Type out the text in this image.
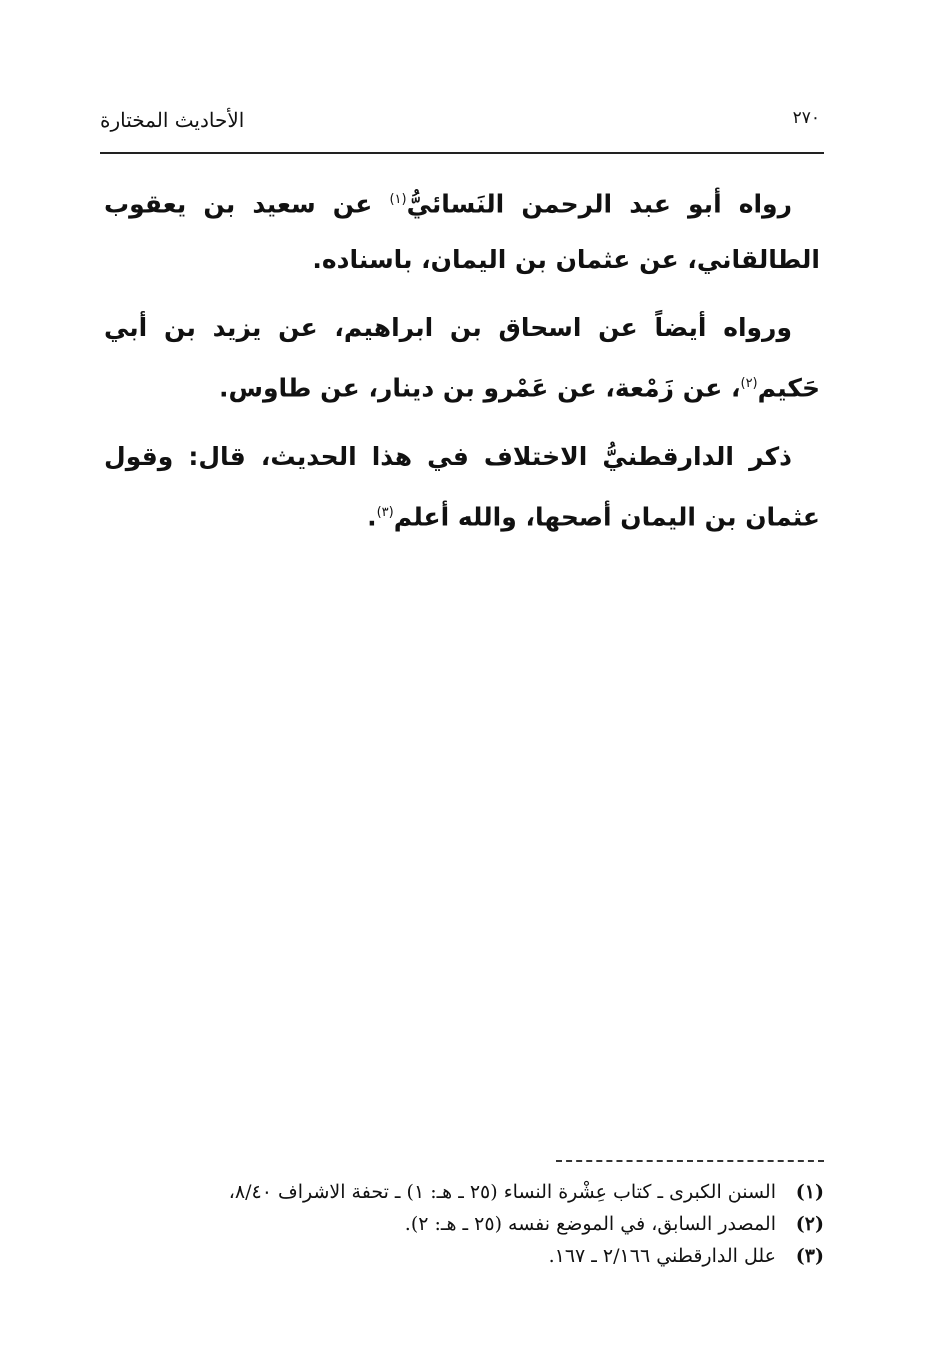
٢٧٠
الأحاديث المختارة

رواه أبو عبد الرحمن النَسائيُّ$^{(١)}$ عن سعيد بن يعقوب الطالقاني، عن عثمان بن اليمان، باسناده.

ورواه أيضاً عن اسحاق بن ابراهيم، عن يزيد بن أبي حَكيم$^{(٢)}$، عن زَمْعة، عن عَمْرو بن دينار، عن طاوس.

ذكر الدارقطنيُّ الاختلاف في هذا الحديث، قال: وقول عثمان بن اليمان أصحها، والله أعلم$^{(٣)}$.

(١)
السنن الكبرى ـ كتاب عِشْرة النساء (٢٥ ـ هـ: ١) ـ تحفة الاشراف ٨/٤٠،
(٢)
المصدر السابق، في الموضع نفسه (٢٥ ـ هـ: ٢).
(٣)
علل الدارقطني ٢/١٦٦ ـ ١٦٧.
